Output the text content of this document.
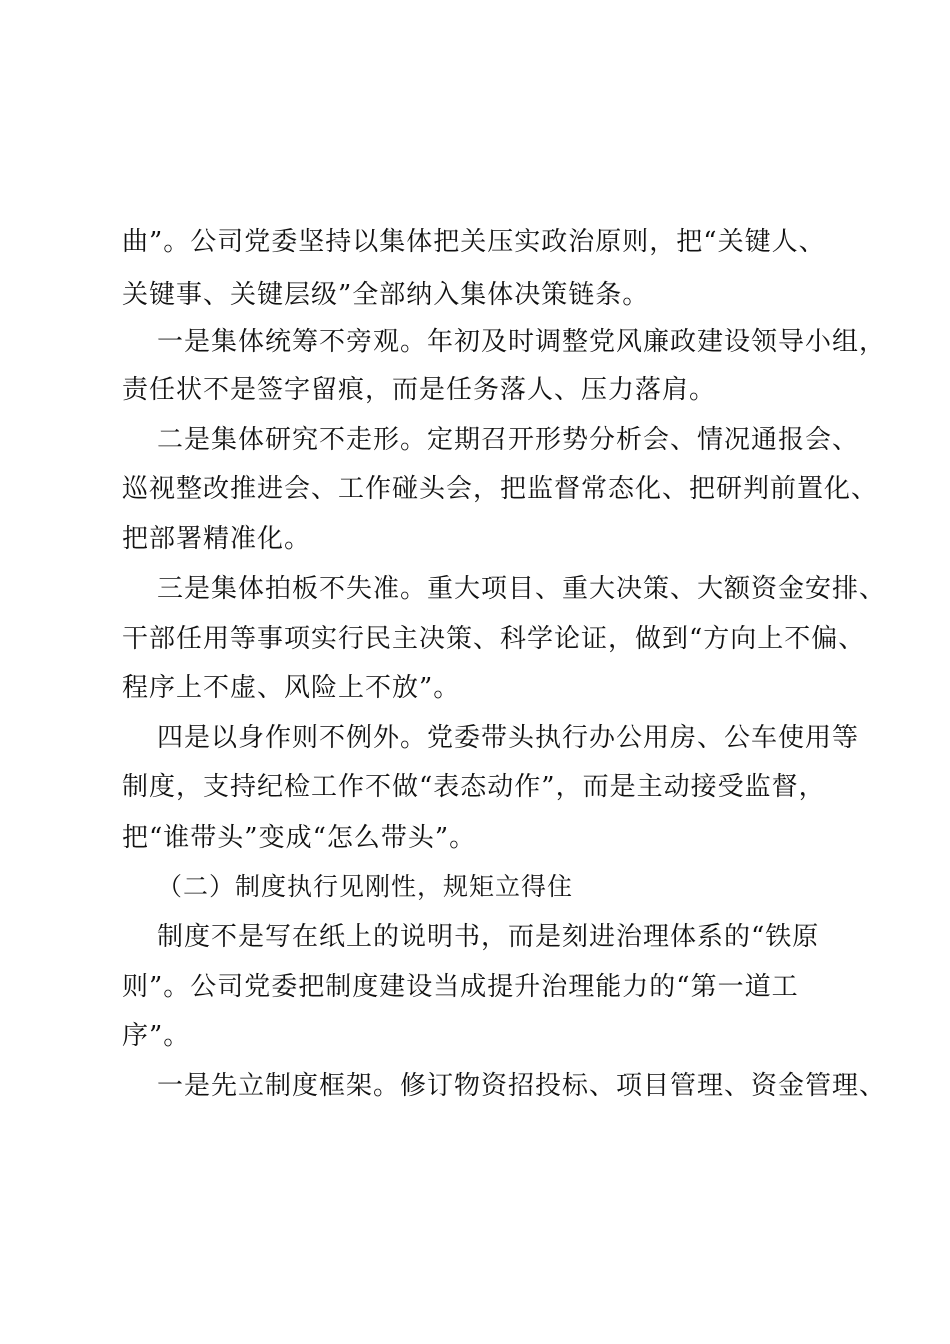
曲”。公司党委坚持以集体把关压实政治原则，把“关键人、
关键事、关键层级”全部纳入集体决策链条。
一是集体统筹不旁观。年初及时调整党风廉政建设领导小组，
责任状不是签字留痕，而是任务落人、压力落肩。
二是集体研究不走形。定期召开形势分析会、情况通报会、
巡视整改推进会、工作碰头会，把监督常态化、把研判前置化、
把部署精准化。
三是集体拍板不失准。重大项目、重大决策、大额资金安排、
干部任用等事项实行民主决策、科学论证，做到“方向上不偏、
程序上不虚、风险上不放”。
四是以身作则不例外。党委带头执行办公用房、公车使用等
制度，支持纪检工作不做“表态动作”，而是主动接受监督，
把“谁带头”变成“怎么带头”。
（二）制度执行见刚性，规矩立得住
制度不是写在纸上的说明书，而是刻进治理体系的“铁原
则”。公司党委把制度建设当成提升治理能力的“第一道工
序”。
一是先立制度框架。修订物资招投标、项目管理、资金管理、
